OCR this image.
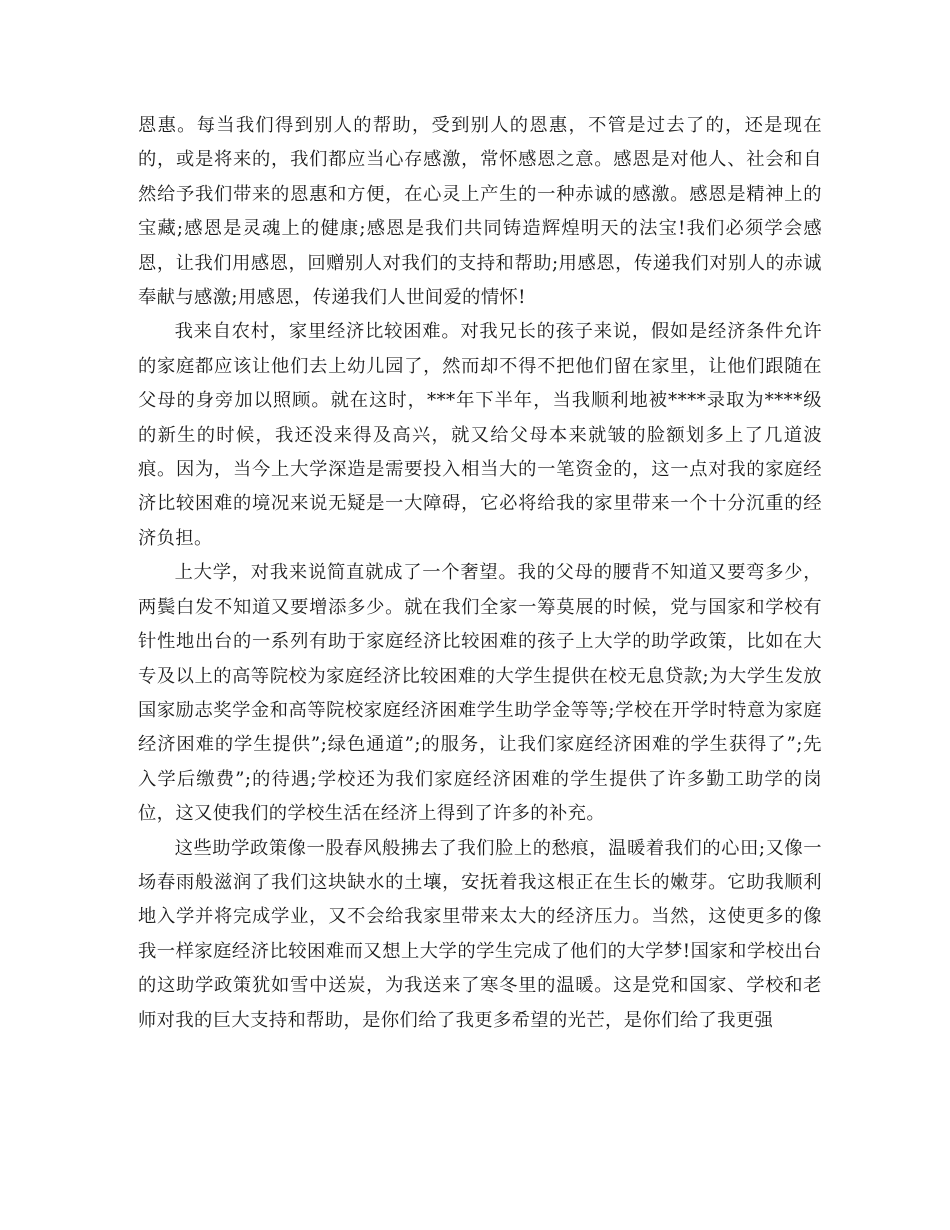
恩惠。每当我们得到别人的帮助，受到别人的恩惠，不管是过去了的，还是现在的，或是将来的，我们都应当心存感激，常怀感恩之意。感恩是对他人、社会和自然给予我们带来的恩惠和方便，在心灵上产生的一种赤诚的感激。感恩是精神上的宝藏;感恩是灵魂上的健康;感恩是我们共同铸造辉煌明天的法宝!我们必须学会感恩，让我们用感恩，回赠别人对我们的支持和帮助;用感恩，传递我们对别人的赤诚奉献与感激;用感恩，传递我们人世间爱的情怀!

我来自农村，家里经济比较困难。对我兄长的孩子来说，假如是经济条件允许的家庭都应该让他们去上幼儿园了，然而却不得不把他们留在家里，让他们跟随在父母的身旁加以照顾。就在这时，***年下半年，当我顺利地被****录取为****级的新生的时候，我还没来得及高兴，就又给父母本来就皱的脸额划多上了几道波痕。因为，当今上大学深造是需要投入相当大的一笔资金的，这一点对我的家庭经济比较困难的境况来说无疑是一大障碍，它必将给我的家里带来一个十分沉重的经济负担。

上大学，对我来说简直就成了一个奢望。我的父母的腰背不知道又要弯多少，两鬓白发不知道又要增添多少。就在我们全家一筹莫展的时候，党与国家和学校有针性地出台的一系列有助于家庭经济比较困难的孩子上大学的助学政策，比如在大专及以上的高等院校为家庭经济比较困难的大学生提供在校无息贷款;为大学生发放国家励志奖学金和高等院校家庭经济困难学生助学金等等;学校在开学时特意为家庭经济困难的学生提供”;绿色通道”;的服务，让我们家庭经济困难的学生获得了”;先入学后缴费”;的待遇;学校还为我们家庭经济困难的学生提供了许多勤工助学的岗位，这又使我们的学校生活在经济上得到了许多的补充。

这些助学政策像一股春风般拂去了我们脸上的愁痕，温暖着我们的心田;又像一场春雨般滋润了我们这块缺水的土壤，安抚着我这根正在生长的嫩芽。它助我顺利地入学并将完成学业，又不会给我家里带来太大的经济压力。当然，这使更多的像我一样家庭经济比较困难而又想上大学的学生完成了他们的大学梦!国家和学校出台的这助学政策犹如雪中送炭，为我送来了寒冬里的温暖。这是党和国家、学校和老师对我的巨大支持和帮助，是你们给了我更多希望的光芒，是你们给了我更强
